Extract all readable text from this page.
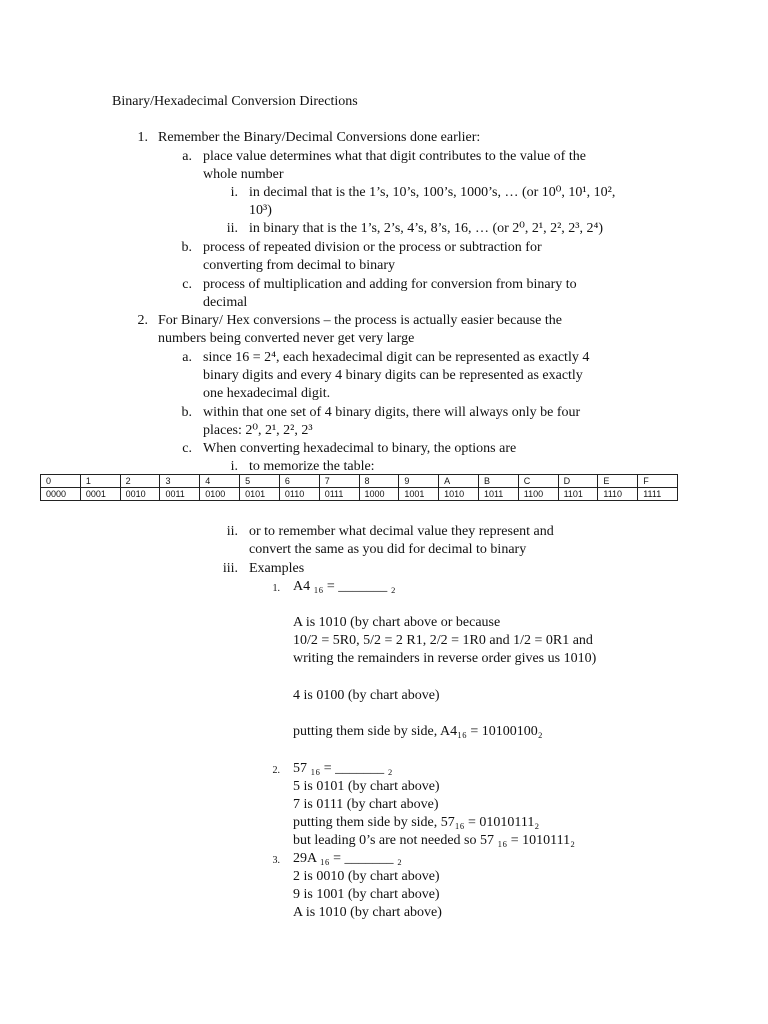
Binary/Hexadecimal Conversion Directions
1. Remember the Binary/Decimal Conversions done earlier:
a. place value determines what that digit contributes to the value of the
whole number
i. in decimal that is the 1’s, 10’s, 100’s, 1000’s, … (or 10⁰, 10¹, 10²,
10³)
ii. in binary that is the 1’s, 2’s, 4’s, 8’s, 16, … (or 2⁰, 2¹, 2², 2³, 2⁴)
b. process of repeated division or the process or subtraction for
converting from decimal to binary
c. process of multiplication and adding for conversion from binary to
decimal
2. For Binary/ Hex conversions – the process is actually easier because the
numbers being converted never get very large
a. since 16 = 2⁴, each hexadecimal digit can be represented as exactly 4
binary digits and every 4 binary digits can be represented as exactly
one hexadecimal digit.
b. within that one set of 4 binary digits, there will always only be four
places: 2⁰, 2¹, 2², 2³
c. When converting hexadecimal to binary, the options are
i. to memorize the table:
0	1	2	3	4	5	6	7	8	9	A	B	C	D	E	F
0000	0001	0010	0011	0100	0101	0110	0111	1000	1001	1010	1011	1100	1101	1110	1111
ii. or to remember what decimal value they represent and
convert the same as you did for decimal to binary
iii. Examples
1. A4 ₁₆ = _______ ₂
A is 1010 (by chart above or because
10/2 = 5R0, 5/2 = 2 R1, 2/2 = 1R0 and 1/2 = 0R1 and
writing the remainders in reverse order gives us 1010)
4 is 0100 (by chart above)
putting them side by side, A4₁₆ = 10100100₂
2. 57 ₁₆ = _______ ₂
5 is 0101 (by chart above)
7 is 0111 (by chart above)
putting them side by side, 57₁₆ = 01010111₂
but leading 0’s are not needed so 57 ₁₆ = 1010111₂
3. 29A ₁₆ = _______ ₂
2 is 0010 (by chart above)
9 is 1001 (by chart above)
A is 1010 (by chart above)
